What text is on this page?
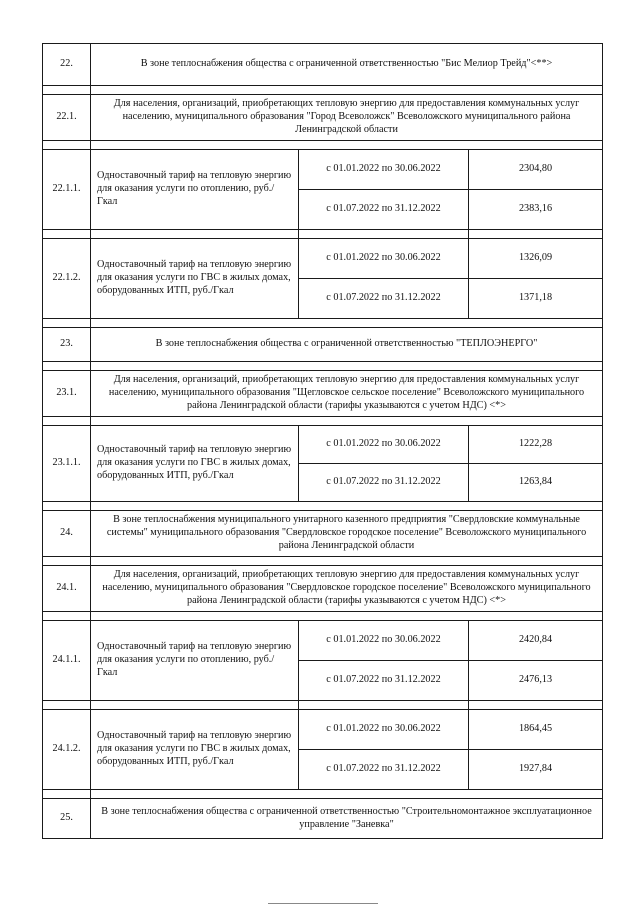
22.	В зоне теплоснабжения общества с ограниченной ответственностью "Бис Мелиор Трейд"<**>		

22.1.	Для населения, организаций, приобретающих тепловую энергию для предоставления коммунальных услуг населению, муниципального образования "Город Всеволожск" Всеволожского муниципального района Ленинградской области		

22.1.1.	Одноставочный тариф на тепловую энергию для оказания услуги по отоплению, руб./Гкал	с 01.01.2022 по 30.06.2022	2304,80
		с 01.07.2022 по 31.12.2022	2383,16

22.1.2.	Одноставочный тариф на тепловую энергию для оказания услуги по ГВС в жилых домах, оборудованных ИТП, руб./Гкал	с 01.01.2022 по 30.06.2022	1326,09
		с 01.07.2022 по 31.12.2022	1371,18

23.	В зоне теплоснабжения общества с ограниченной ответственностью "ТЕПЛОЭНЕРГО"		

23.1.	Для населения, организаций, приобретающих тепловую энергию для предоставления коммунальных услуг населению, муниципального образования "Щегловское сельское поселение" Всеволожского муниципального района Ленинградской области (тарифы указываются с учетом НДС) <*>		

23.1.1.	Одноставочный тариф на тепловую энергию для оказания услуги по ГВС в жилых домах, оборудованных ИТП, руб./Гкал	с 01.01.2022 по 30.06.2022	1222,28
		с 01.07.2022 по 31.12.2022	1263,84

24.	В зоне теплоснабжения муниципального унитарного казенного предприятия "Свердловские коммунальные системы" муниципального образования "Свердловское городское поселение" Всеволожского муниципального района Ленинградской области		

24.1.	Для населения, организаций, приобретающих тепловую энергию для предоставления коммунальных услуг населению, муниципального образования "Свердловское городское поселение" Всеволожского муниципального района Ленинградской области (тарифы указываются с учетом НДС) <*>		

24.1.1.	Одноставочный тариф на тепловую энергию для оказания услуги по отоплению, руб./Гкал	с 01.01.2022 по 30.06.2022	2420,84
		с 01.07.2022 по 31.12.2022	2476,13

24.1.2.	Одноставочный тариф на тепловую энергию для оказания услуги по ГВС в жилых домах, оборудованных ИТП, руб./Гкал	с 01.01.2022 по 30.06.2022	1864,45
		с 01.07.2022 по 31.12.2022	1927,84

25.	В зоне теплоснабжения общества с ограниченной ответственностью "Строительномонтажное эксплуатационное управление "Заневка"		
